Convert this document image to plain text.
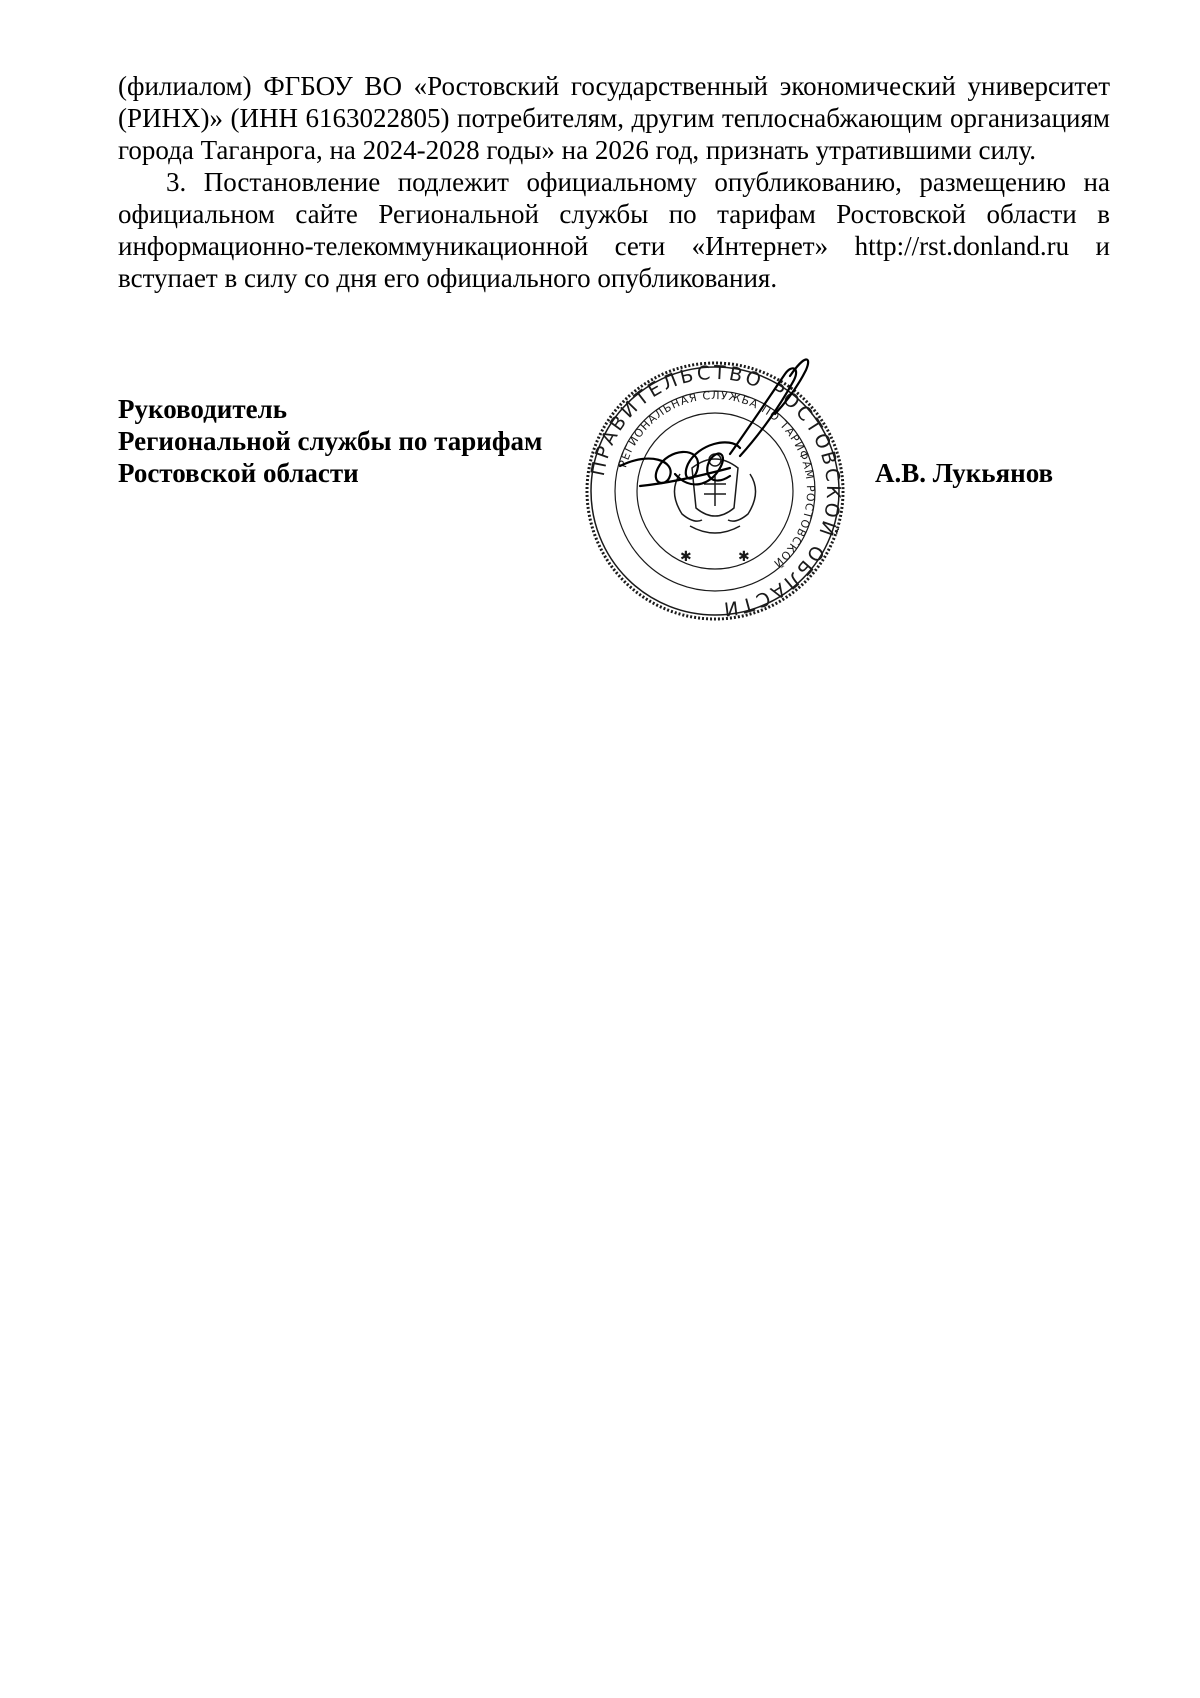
(филиалом) ФГБОУ ВО «Ростовский государственный экономический университет (РИНХ)» (ИНН 6163022805) потребителям, другим теплоснабжающим организациям города Таганрога, на 2024-2028 годы» на 2026 год, признать утратившими силу.

3. Постановление подлежит официальному опубликованию, размещению на официальном сайте Региональной службы по тарифам Ростовской области в информационно-телекоммуникационной сети «Интернет» http://rst.donland.ru и вступает в силу со дня его официального опубликования.

Руководитель
Региональной службы по тарифам
Ростовской области	ПРАВИТЕЛЬСТВО РОСТОВСКОЙ ОБЛАСТИ
РЕГИОНАЛЬНАЯ СЛУЖБА ПО ТАРИФАМ РОСТОВСКОЙ
✱	✱
А.В. Лукьянов
